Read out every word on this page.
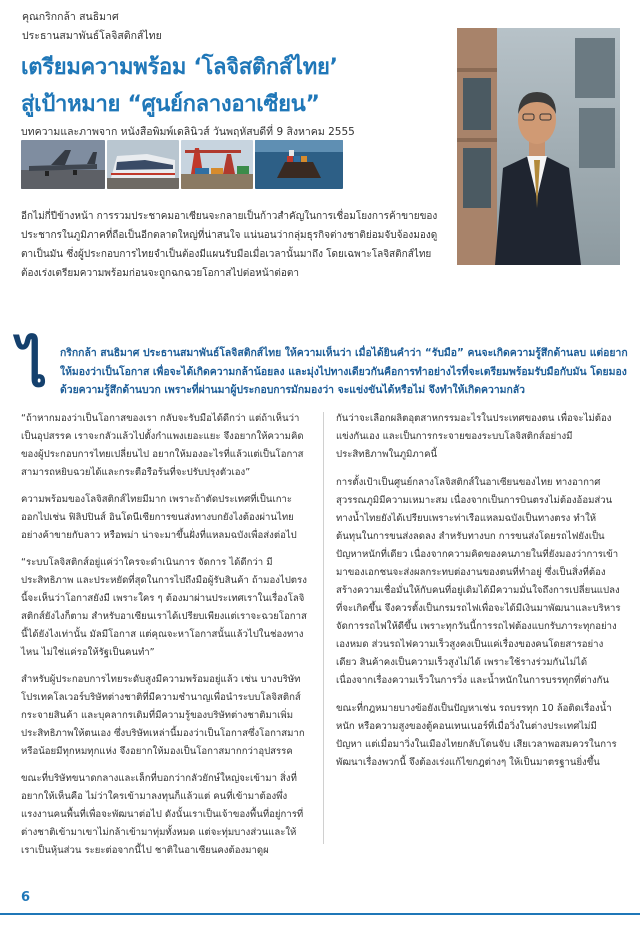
คุณกริกกล้า สนธิมาศ
ประธานสมาพันธ์โลจิสติกส์ไทย
เตรียมความพร้อม ‘โลจิสติกส์ไทย’
สู่เป้าหมาย “ศูนย์กลางอาเซียน”
บทความและภาพจาก หนังสือพิมพ์เดลินิวส์ วันพฤหัสบดีที่ 9 สิงหาคม 2555

อีกไม่กี่ปีข้างหน้า การรวมประชาคมอาเซียนจะกลายเป็นก้าวสำคัญในการเชื่อมโยงการค้าขายของประชากรในภูมิภาคที่ถือเป็นอีกตลาดใหญ่ที่น่าสนใจ แน่นอนว่ากลุ่มธุรกิจต่างชาติย่อมจับจ้องมองดูตาเป็นมัน ซึ่งผู้ประกอบการไทยจำเป็นต้องมีแผนรับมือเมื่อเวลานั้นมาถึง โดยเฉพาะโลจิสติกส์ไทยต้องเร่งเตรียมความพร้อมก่อนจะถูกฉกฉวยโอกาสไปต่อหน้าต่อตา

ไ กริกกล้า สนธิมาศ ประธานสมาพันธ์โลจิสติกส์ไทย ให้ความเห็นว่า เมื่อได้ยินคำว่า “รับมือ” คนจะเกิดความรู้สึกด้านลบ แต่อยากให้มองว่าเป็นโอกาส เพื่อจะได้เกิดความกล้าน้อยลง และมุ่งไปทางเดียวกันคือการทำอย่างไรที่จะเตรียมพร้อมรับมือกับมัน โดยมองด้วยความรู้สึกด้านบวก เพราะที่ผ่านมาผู้ประกอบการมักมองว่า จะแข่งขันได้หรือไม่ จึงทำให้เกิดความกลัว

“ถ้าหากมองว่าเป็นโอกาสของเรา กลับจะรับมือได้ดีกว่า แต่ถ้าเห็นว่าเป็นอุปสรรค เราจะกลัวแล้วไปตั้งกำแพงเยอะแยะ จึงอยากให้ความคิดของผู้ประกอบการไทยเปลี่ยนไป อยากให้มองอะไรที่แล้วแต่เป็นโอกาสสามารถหยิบฉวยได้และกระตือรือร้นที่จะปรับปรุงตัวเอง”

ความพร้อมของโลจิสติกส์ไทยมีมาก เพราะถ้าตัดประเทศที่เป็นเกาะออกไปเช่น ฟิลิปปินส์ อินโดนีเซียการขนส่งทางบกยังไงต้องผ่านไทยอย่างค้าขายกับลาว หรือพม่า น่าจะมาขึ้นฝั่งที่แหลมฉบังเพื่อส่งต่อไป

“ระบบโลจิสติกส์อยู่แค่ว่าใครจะดำเนินการ จัดการ ได้ดีกว่า มีประสิทธิภาพ และประหยัดที่สุดในการไปถึงมือผู้รับสินค้า ถ้ามองไปตรงนี้จะเห็นว่าโอกาสยังมี เพราะใคร ๆ ต้องมาผ่านประเทศเราในเรื่องโลจิสติกส์ยังไงก็ตาม สำหรับอาเซียนเราได้เปรียบเพียงแต่เราจะฉวยโอกาสนี้ได้ยังไงเท่านั้น มัลมีโอกาส แต่คุณจะหาโอกาสนั้นแล้วไปในช่องทางไหน ไม่ใช่แค่รอให้รัฐเป็นคนทำ”

สำหรับผู้ประกอบการไทยระดับสูงมีความพร้อมอยู่แล้ว เช่น บางบริษัทโปรเทคโลเวอร์บริษัทต่างชาติที่มีความชำนาญเพื่อนำระบบโลจิสติกส์กระจายสินค้า และบุคลากรเดิมที่มีความรู้ของบริษัทต่างชาติมาเพิ่มประสิทธิภาพให้ตนเอง ซึ่งบริษัทเหล่านี้มองว่าเป็นโอกาสซึ่งโอกาสมากหรือน้อยมีทุกหมทุกแห่ง จึงอยากให้มองเป็นโอกาสมากกว่าอุปสรรค

ขณะที่บริษัทขนาดกลางและเล็กที่บอกว่ากลัวยักษ์ใหญ่จะเข้ามา สิ่งที่อยากให้เห็นคือ ไม่ว่าใครเข้ามาลงทุนก็แล้วแต่ คนที่เข้ามาต้องพึ่งแรงงานคนพื้นที่เพื่อจะพัฒนาต่อไป ดังนั้นเราเป็นเจ้าของพื้นที่อยู่การที่ต่างชาติเข้ามาเขาไม่กล้าเข้ามาทุ่มทั้งหมด แต่จะทุ่มบางส่วนและให้เราเป็นหุ้นส่วน ระยะต่อจากนี้ไป ชาติในอาเซียนคงต้องมาดูผ

กันว่าจะเลือกผลิตอุตสาหกรรมอะไรในประเทศของตน เพื่อจะไม่ต้องแข่งกันเอง และเป็นการกระจายของระบบโลจิสติกส์อย่างมีประสิทธิภาพในภูมิภาคนี้

การตั้งเป้าเป็นศูนย์กลางโลจิสติกส์ในอาเซียนของไทย ทางอากาศสุวรรณภูมิมีความเหมาะสม เนื่องจากเป็นการบินตรงไม่ต้องอ้อมส่วนทางน้ำไทยยังได้เปรียบเพราะท่าเรือแหลมฉบังเป็นทางตรง ทำให้ต้นทุนในการขนส่งลดลง สำหรับทางบก การขนส่งโดยรถไฟยังเป็นปัญหาหนักที่เดียว เนื่องจากความคิดของคนภายในที่ยังมองว่าการเข้ามาของเอกชนจะส่งผลกระทบต่องานของตนที่ทำอยู่ ซึ่งเป็นสิ่งที่ต้องสร้างความเชื่อมั่นให้กับคนที่อยู่เดิมได้มีความมั่นใจถึงการเปลี่ยนแปลงที่จะเกิดขึ้น จึงควรตั้งเป็นกรมรถไฟเพื่อจะได้มีเงินมาพัฒนาและบริหารจัดการรถไฟให้ดีขึ้น เพราะทุกวันนี้การรถไฟต้องแบกรับภาระทุกอย่างเองหมด ส่วนรถไฟความเร็วสูงคงเป็นแค่เรื่องของคนโดยสารอย่างเดียว สินค้าคงเป็นความเร็วสูงไม่ได้ เพราะใช้รางร่วมกันไม่ได้ เนื่องจากเรื่องความเร็วในการวิ่ง และน้ำหนักในการบรรทุกที่ต่างกัน

ขณะที่กฎหมายบางข้อยังเป็นปัญหาเช่น รถบรรทุก 10 ล้อติดเรื่องน้ำหนัก หรือความสูงของตู้คอนเทนเนอร์ที่เมื่อวิ่งในต่างประเทศไม่มีปัญหา แต่เมื่อมาวิ่งในเมืองไทยกลับโดนจับ เสียเวลาพอสมควรในการพัฒนาเรื่องพวกนี้ จึงต้องเร่งแก้ไขกฎต่างๆ ให้เป็นมาตรฐานยิ่งขึ้น

6
